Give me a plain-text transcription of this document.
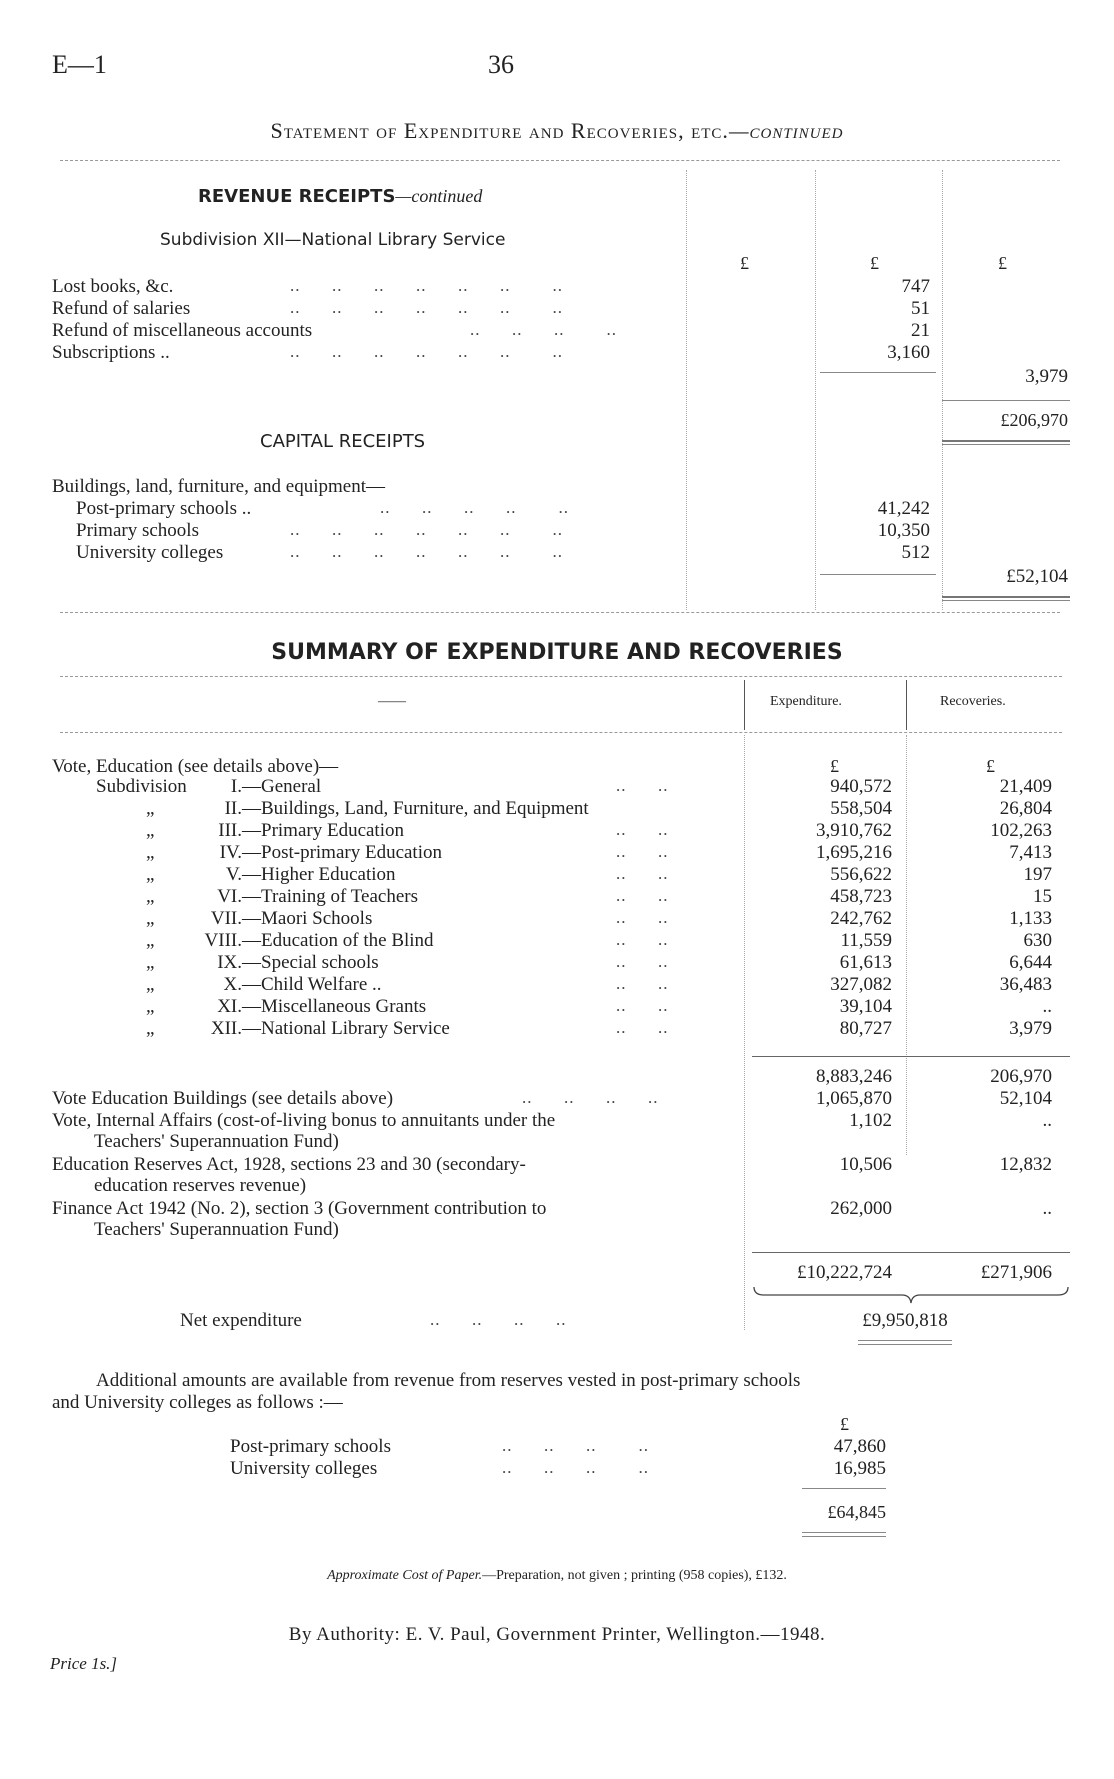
E—1	36
Statement of Expenditure and Recoveries, etc.—continued
REVENUE RECEIPTS—continued
Subdivision XII—National Library Service
£	£	£
Lost books, &c.	..      ..      ..      ..      ..      ..        ..	747
Refund of salaries	..      ..      ..      ..      ..      ..        ..	51
Refund of miscellaneous accounts	..      ..      ..        ..	21
Subscriptions ..	..      ..      ..      ..      ..      ..        ..	3,160
3,979
£206,970
CAPITAL RECEIPTS
Buildings, land, furniture, and equipment—
Post-primary schools ..	..      ..      ..      ..        ..	41,242
Primary schools	..      ..      ..      ..      ..      ..        ..	10,350
University colleges	..      ..      ..      ..      ..      ..        ..	512
£52,104
SUMMARY OF EXPENDITURE AND RECOVERIES
——	Expenditure.	Recoveries.
Vote, Education (see details above)—	£	£
Subdivision	I. —General	..      ..	940,572	21,409
„	II. —Buildings, Land, Furniture, and Equipment	558,504	26,804
„	III. —Primary Education	..      ..	3,910,762	102,263
„	IV. —Post-primary Education	..      ..	1,695,216	7,413
„	V. —Higher Education	..      ..	556,622	197
„	VI. —Training of Teachers	..      ..	458,723	15
„	VII. —Maori Schools	..      ..	242,762	1,133
„	VIII. —Education of the Blind	..      ..	11,559	630
„	IX. —Special schools	..      ..	61,613	6,644
„	X. —Child Welfare ..	..      ..	327,082	36,483
„	XI. —Miscellaneous Grants	..      ..	39,104	..
„	XII. —National Library Service	..      ..	80,727	3,979
8,883,246	206,970
Vote Education Buildings (see details above)	..      ..      ..      ..	1,065,870	52,104
Vote, Internal Affairs (cost-of-living bonus to annuitants under the
Teachers' Superannuation Fund)
1,102	..
Education Reserves Act, 1928, sections 23 and 30 (secondary-
education reserves revenue)
10,506	12,832
Finance Act 1942 (No. 2), section 3 (Government contribution to
Teachers' Superannuation Fund)
262,000	..
£10,222,724	£271,906
Net expenditure	..      ..      ..      ..	£9,950,818
Additional amounts are available from revenue from reserves vested in post-primary schools
and University colleges as follows :—
£
Post-primary schools	..      ..      ..        ..	47,860
University colleges	..      ..      ..        ..	16,985
£64,845
Approximate Cost of Paper.—Preparation, not given ; printing (958 copies), £132.
By Authority: E. V. Paul, Government Printer, Wellington.—1948.
Price 1s.]
